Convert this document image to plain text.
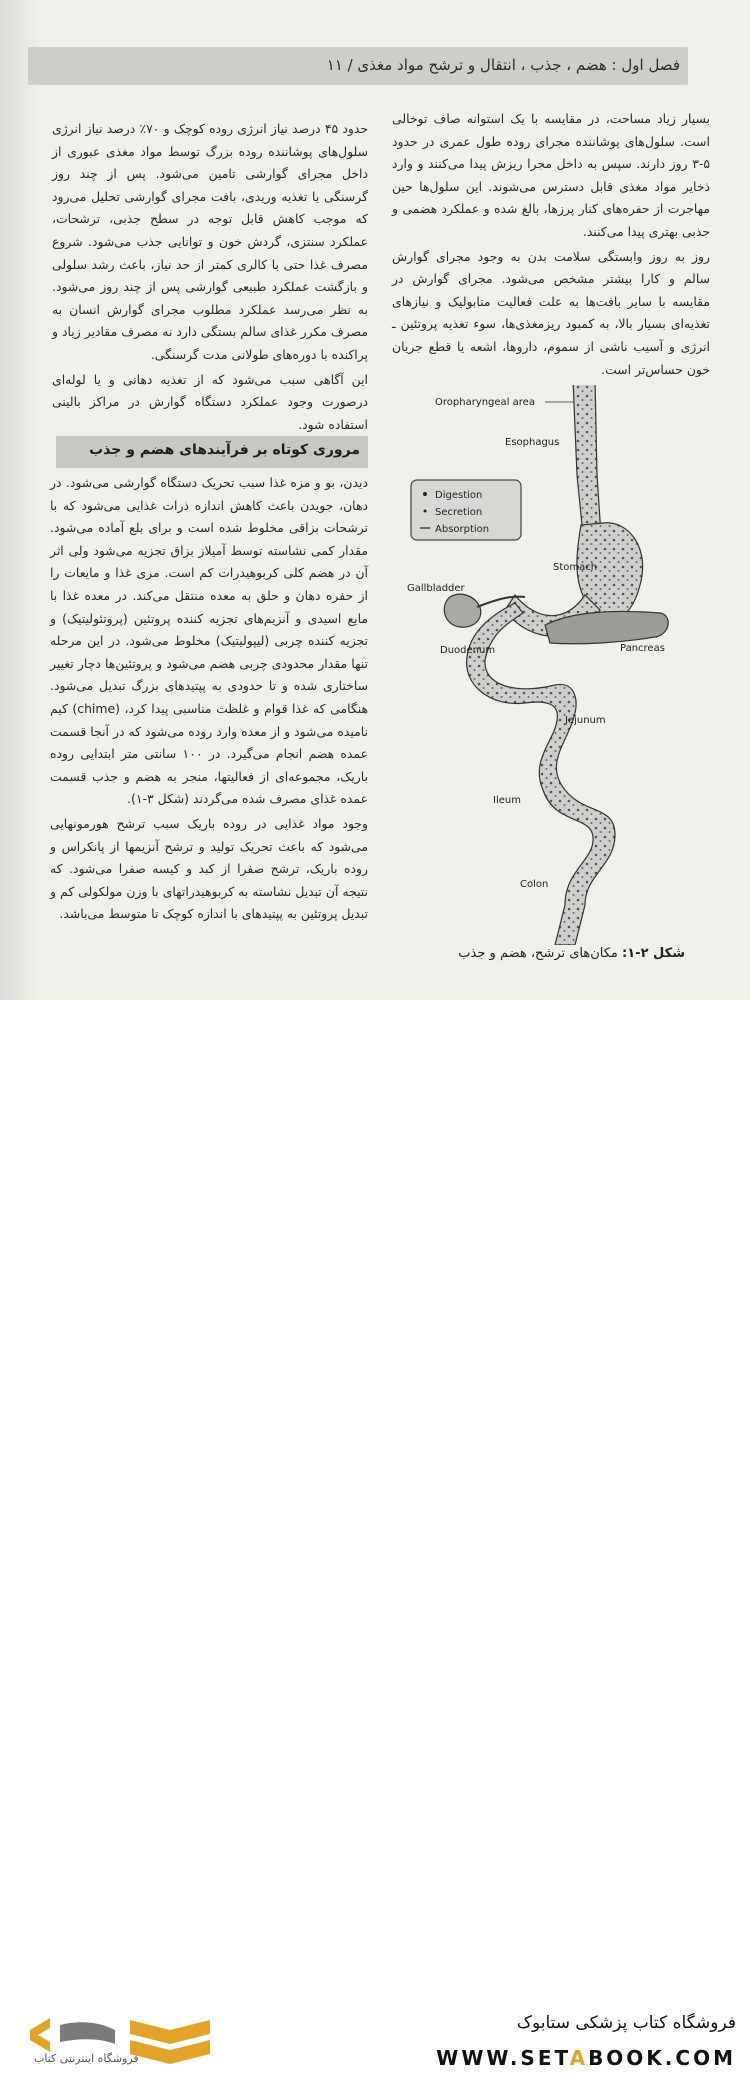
فصل اول : هضم ، جذب ، انتقال و ترشح مواد مغذی / ۱۱

بسیار زیاد مساحت، در مقایسه با یک استوانه صاف توخالی است. سلول‌های پوشاننده مجرای روده طول عمری در حدود ۵-۳ روز دارند. سپس به داخل مجرا ریزش پیدا می‌کنند و وارد ذخایر مواد مغذی قابل دسترس می‌شوند. این سلول‌ها حین مهاجرت از حفره‌های کنار پرزها، بالغ شده و عملکرد هضمی و جذبی بهتری پیدا می‌کنند.

روز به روز وابستگی سلامت بدن به وجود مجرای گوارش سالم و کارا بیشتر مشخص می‌شود. مجرای گوارش در مقایسه با سایر بافت‌ها به علت فعالیت متابولیک و نیازهای تغذیه‌ای بسیار بالا، به کمبود ریزمغذی‌ها، سوء تغذیه پروتئین ـ انرژی و آسیب ناشی از سموم، داروها، اشعه یا قطع جریان خون حساس‌تر است.

حدود ۴۵ درصد نیاز انرژی روده کوچک و ۷۰٪ درصد نیاز انرژی سلول‌های پوشاننده روده بزرگ توسط مواد مغذی عبوری از داخل مجرای گوارشی تامین می‌شود. پس از چند روز گرسنگی یا تغذیه وریدی، بافت مجرای گوارشی تحلیل می‌رود که موجب کاهش قابل توجه در سطح جذبی، ترشحات، عملکرد سنتزی، گردش خون و توانایی جذب می‌شود. شروع مصرف غذا حتی با کالری کمتر از حد نیاز، باعث رشد سلولی و بازگشت عملکرد طبیعی گوارشی پس از چند روز می‌شود. به نظر می‌رسد عملکرد مطلوب مجرای گوارش انسان به مصرف مکرر غذای سالم بستگی دارد نه مصرف مقادیر زیاد و پراکنده با دوره‌های طولانی مدت گرسنگی.

این آگاهی سبب می‌شود که از تغذیه دهانی و یا لوله‌ای درصورت وجود عملکرد دستگاه گوارش در مراکز بالینی استفاده شود.

مروری کوتاه بر فرآیندهای هضم و جذب

دیدن، بو و مزه غذا سبب تحریک دستگاه گوارشی می‌شود. در دهان، جویدن باعث کاهش اندازه ذرات غذایی می‌شود که با ترشحات بزاقی مخلوط شده است و برای بلع آماده می‌شود. مقدار کمی نشاسته توسط آمیلاز بزاق تجزیه می‌شود ولی اثر آن در هضم کلی کربوهیدرات کم است. مری غذا و مایعات را از حفره دهان و حلق به معده منتقل می‌کند. در معده غذا با مایع اسیدی و آنزیم‌های تجزیه کننده پروتئین (پروتئولیتیک) و تجزیه کننده چربی (لیپولیتیک) مخلوط می‌شود. در این مرحله تنها مقدار محدودی چربی هضم می‌شود و پروتئین‌ها دچار تغییر ساختاری شده و تا حدودی به پپتیدهای بزرگ تبدیل می‌شود. هنگامی که غذا قوام و غلظت مناسبی پیدا کرد، (chime) کیم نامیده می‌شود و از معده وارد روده می‌شود که در آنجا قسمت عمده هضم انجام می‌گیرد. در ۱۰۰ سانتی متر ابتدایی روده باریک، مجموعه‌ای از فعالیتها، منجر به هضم و جذب قسمت عمده غذای مصرف شده می‌گردند (شکل ۳-۱).

وجود مواد غذایی در روده باریک سبب ترشح هورمونهایی می‌شود که باعث تحریک تولید و ترشح آنزیمها از پانکراس و روده باریک، ترشح صفرا از کبد و کیسه صفرا می‌شود. که نتیجه آن تبدیل نشاسته به کربوهیدراتهای با وزن مولکولی کم و تبدیل پروتئین به پپتیدهای با اندازه کوچک تا متوسط می‌باشد.

Digestion
Secretion
Absorption
Oropharyngeal area
Esophagus
Stomach
Gallbladder
Duodenum	Pancreas
Jejunum
Ileum
Colon
شکل ۲-۱: مکان‌های ترشح، هضم و جذب
فروشگاه اینترنتی کتاب
فروشگاه کتاب پزشکی ستابوک
WWW.SETABOOK.COM
